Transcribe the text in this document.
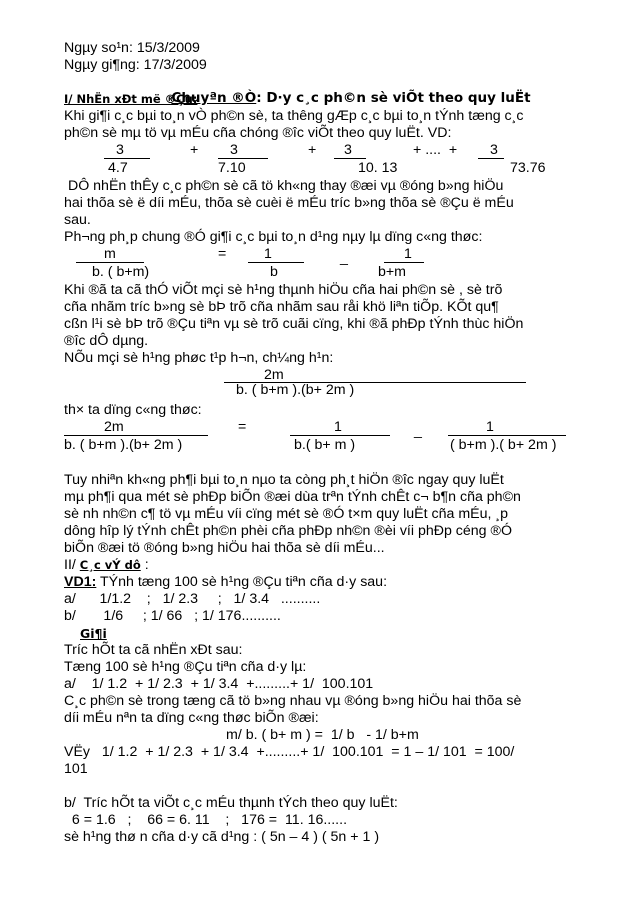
Ngµy so¹n: 15/3/2009
Ngµy gi¶ng: 17/3/2009

Chuyªn ®Ò: D·y c¸c ph©n sè viÕt theo quy luËt

I/ NhËn xÐt më ®Çu:
Khi gi¶i c¸c bµi to¸n vÒ ph©n sè, ta thêng gÆp c¸c bµi to¸n tÝnh tæng c¸c
ph©n sè mµ tö vµ mÉu cña chóng ®îc viÕt theo quy luËt. VD:
3	+ 3	+ 3	+ ....  + 3
4.7	7.10	10. 13	73.76
DÔ nhËn thÊy c¸c ph©n sè cã tö kh«ng thay ®æi vµ ®óng b»ng hiÖu
hai thõa sè ë díi mÉu, thõa sè cuèi ë mÉu tríc b»ng thõa sè ®Çu ë mÉu
sau.
Ph¬ng ph¸p chung ®Ó gi¶i c¸c bµi to¸n d¹ng nµy lµ dïng c«ng thøc:
m	=	1	_	1
b. ( b+m)	b	b+m
Khi ®ã ta cã thÓ viÕt mçi sè h¹ng thµnh hiÖu cña hai ph©n sè , sè trõ
cña nhãm tríc b»ng sè bÞ trõ cña nhãm sau råi khö liªn tiÕp. KÕt qu¶
cßn l¹i sè bÞ trõ ®Çu tiªn vµ sè trõ cuãi cïng, khi ®ã phÐp tÝnh thùc hiÖn
®îc dÔ dµng.
NÕu mçi sè h¹ng phøc t¹p h¬n, ch¼ng h¹n:
2m
b. ( b+m ).(b+ 2m )
th× ta dïng c«ng thøc:
2m	=	1	_	1
b. ( b+m ).(b+ 2m )	b.( b+ m )	( b+m ).( b+ 2m )
Tuy nhiªn kh«ng ph¶i bµi to¸n nµo ta còng ph¸t hiÖn ®îc ngay quy luËt
mµ ph¶i qua mét sè phÐp biÕn ®æi dùa trªn tÝnh chÊt c¬ b¶n cña ph©n
sè nh nh©n c¶ tö vµ mÉu víi cïng mét sè ®Ó t×m quy luËt cña mÉu, ¸p
dông hîp lý tÝnh chÊt ph©n phèi cña phÐp nh©n ®èi víi phÐp céng ®Ó
biÕn ®æi tö ®óng b»ng hiÖu hai thõa sè díi mÉu...
II/ C¸c vÝ dô :
VD1: TÝnh tæng 100 sè h¹ng ®Çu tiªn cña d·y sau:
a/      1/1.2    ;   1/ 2.3     ;   1/ 3.4   ..........
b/       1/6     ; 1/ 66   ; 1/ 176..........
Gi¶i
Tríc hÕt ta cã nhËn xÐt sau:
Tæng 100 sè h¹ng ®Çu tiªn cña d·y lµ:
a/    1/ 1.2  + 1/ 2.3  + 1/ 3.4  +.........+ 1/  100.101
C¸c ph©n sè trong tæng cã tö b»ng nhau vµ ®óng b»ng hiÖu hai thõa sè
díi mÉu nªn ta dïng c«ng thøc biÕn ®æi:
m/ b. ( b+ m ) =  1/ b   - 1/ b+m
VËy   1/ 1.2  + 1/ 2.3  + 1/ 3.4  +.........+ 1/  100.101  = 1 – 1/ 101  = 100/
101
b/  Tríc hÕt ta viÕt c¸c mÉu thµnh tÝch theo quy luËt:
6 = 1.6   ;    66 = 6. 11    ;   176 =  11. 16......
sè h¹ng thø n cña d·y cã d¹ng : ( 5n – 4 ) ( 5n + 1 )
